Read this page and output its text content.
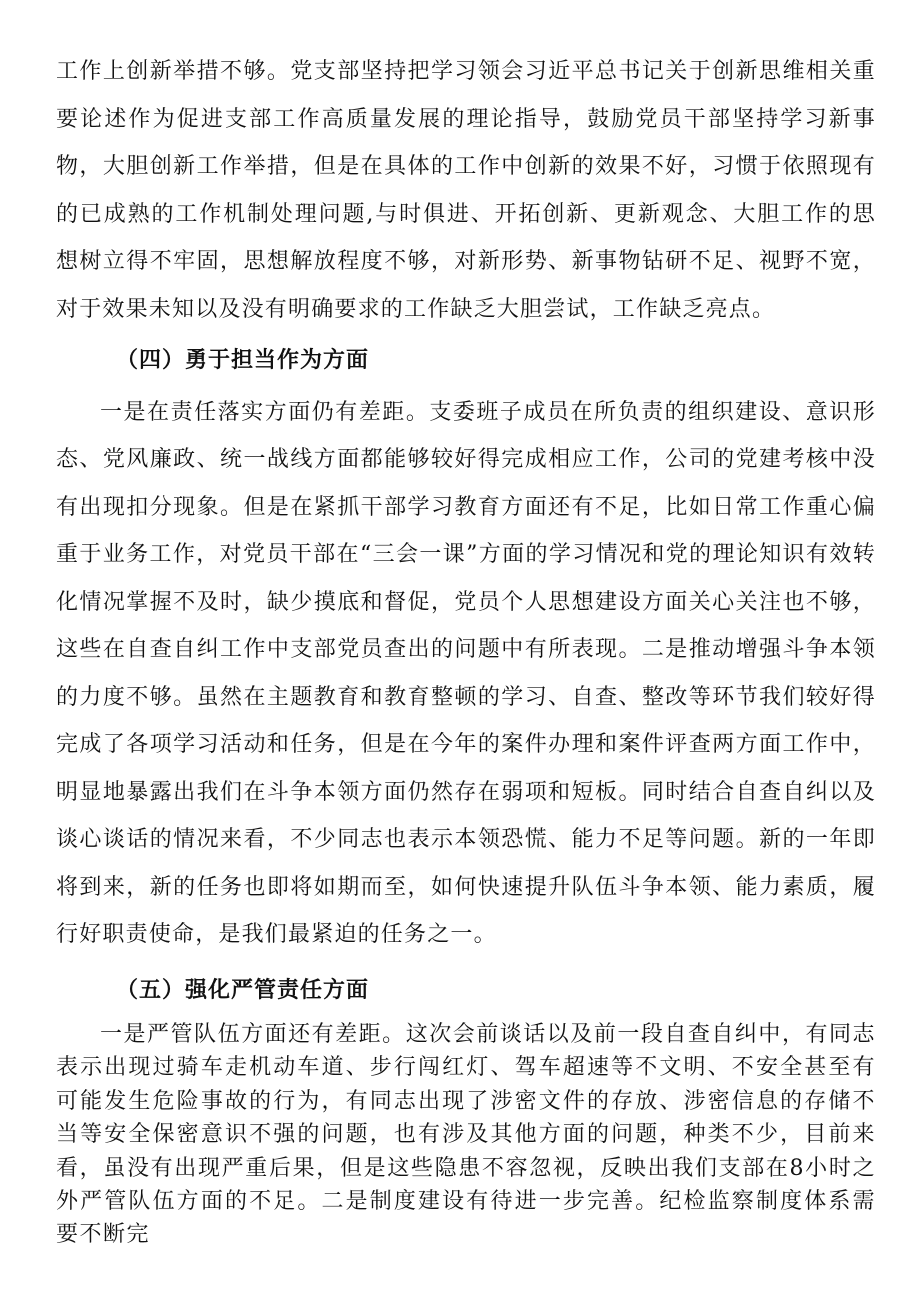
工作上创新举措不够。党支部坚持把学习领会习近平总书记关于创新思维相关重要论述作为促进支部工作高质量发展的理论指导，鼓励党员干部坚持学习新事物，大胆创新工作举措，但是在具体的工作中创新的效果不好，习惯于依照现有的已成熟的工作机制处理问题,与时俱进、开拓创新、更新观念、大胆工作的思想树立得不牢固，思想解放程度不够，对新形势、新事物钻研不足、视野不宽，对于效果未知以及没有明确要求的工作缺乏大胆尝试，工作缺乏亮点。

（四）勇于担当作为方面

一是在责任落实方面仍有差距。支委班子成员在所负责的组织建设、意识形态、党风廉政、统一战线方面都能够较好得完成相应工作，公司的党建考核中没有出现扣分现象。但是在紧抓干部学习教育方面还有不足，比如日常工作重心偏重于业务工作，对党员干部在“三会一课”方面的学习情况和党的理论知识有效转化情况掌握不及时，缺少摸底和督促，党员个人思想建设方面关心关注也不够，这些在自查自纠工作中支部党员查出的问题中有所表现。二是推动增强斗争本领的力度不够。虽然在主题教育和教育整顿的学习、自查、整改等环节我们较好得完成了各项学习活动和任务，但是在今年的案件办理和案件评查两方面工作中，明显地暴露出我们在斗争本领方面仍然存在弱项和短板。同时结合自查自纠以及谈心谈话的情况来看，不少同志也表示本领恐慌、能力不足等问题。新的一年即将到来，新的任务也即将如期而至，如何快速提升队伍斗争本领、能力素质，履行好职责使命，是我们最紧迫的任务之一。

（五）强化严管责任方面

一是严管队伍方面还有差距。这次会前谈话以及前一段自查自纠中，有同志表示出现过骑车走机动车道、步行闯红灯、驾车超速等不文明、不安全甚至有可能发生危险事故的行为，有同志出现了涉密文件的存放、涉密信息的存储不当等安全保密意识不强的问题，也有涉及其他方面的问题，种类不少，目前来看，虽没有出现严重后果，但是这些隐患不容忽视，反映出我们支部在8小时之外严管队伍方面的不足。二是制度建设有待进一步完善。纪检监察制度体系需要不断完
